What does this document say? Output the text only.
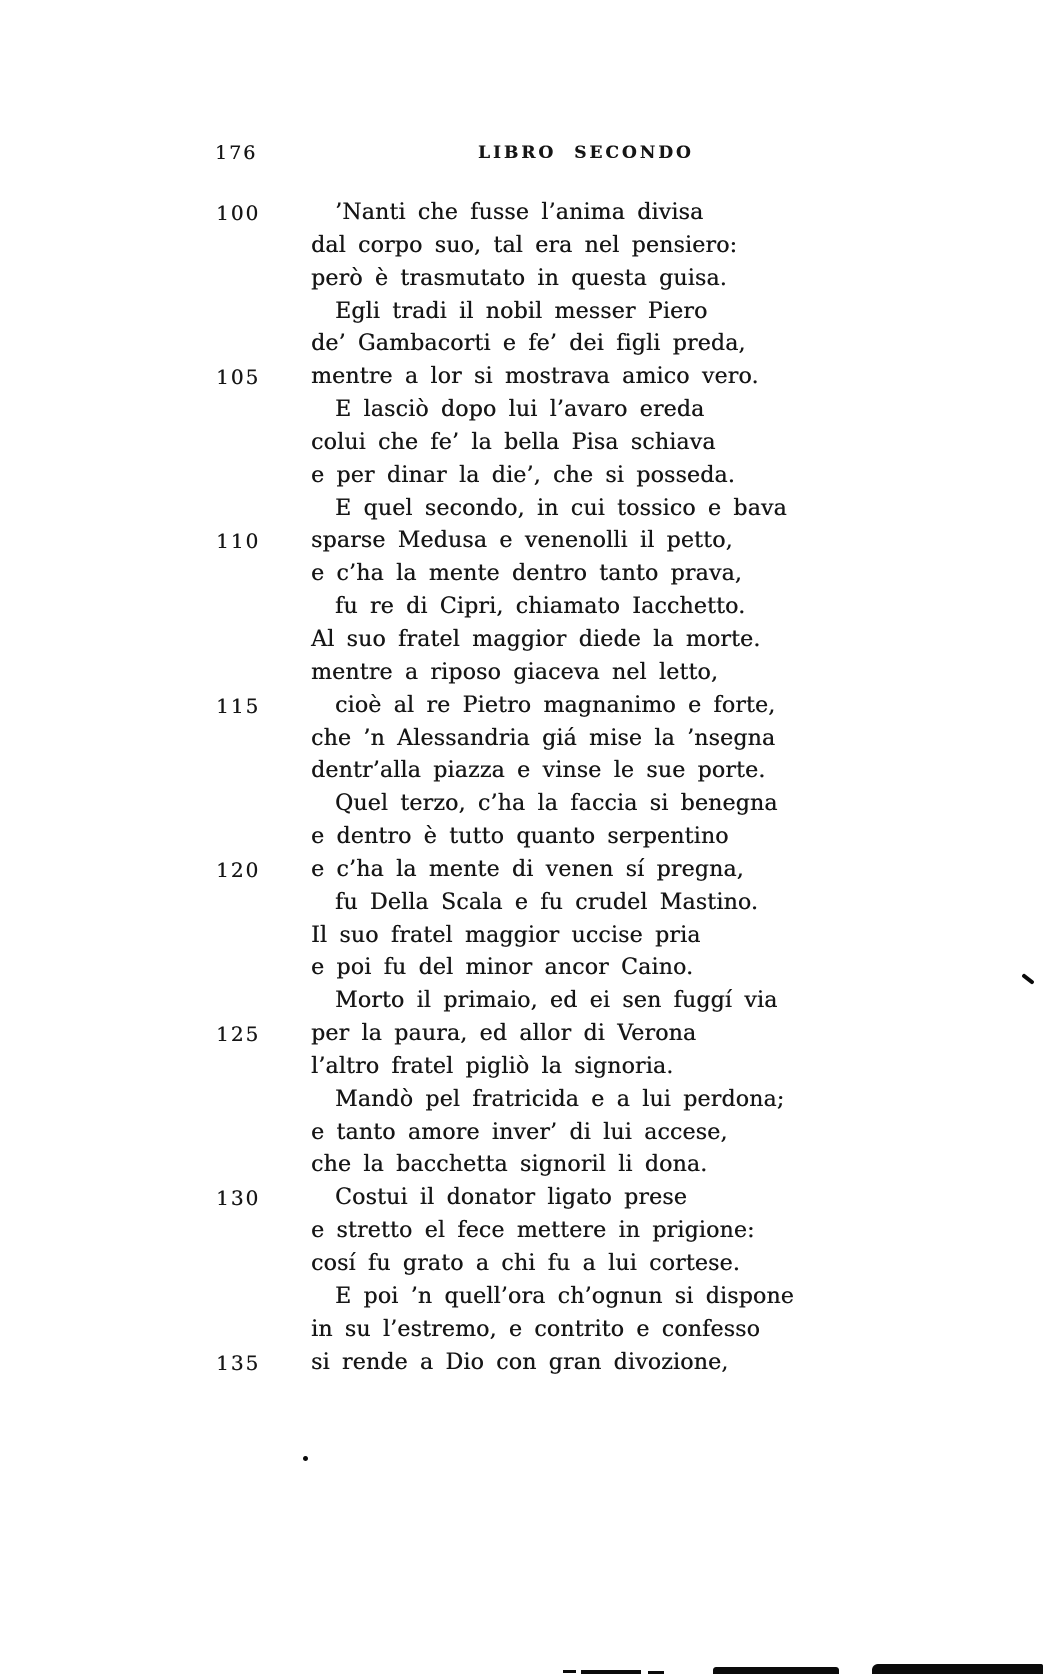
176	LIBRO SECONDO
100	’Nanti che fusse l’anima divisa
dal corpo suo, tal era nel pensiero:
però è trasmutato in questa guisa.
Egli tradi il nobil messer Piero
de’ Gambacorti e fe’ dei figli preda,
105 mentre a lor si mostrava amico vero.
E lasciò dopo lui l’avaro ereda
colui che fe’ la bella Pisa schiava
e per dinar la die’, che si posseda.
E quel secondo, in cui tossico e bava
110 sparse Medusa e venenolli il petto,
e c’ha la mente dentro tanto prava,
fu re di Cipri, chiamato Iacchetto.
Al suo fratel maggior diede la morte.
mentre a riposo giaceva nel letto,
115	cioè al re Pietro magnanimo e forte,
che ’n Alessandria giá mise la ’nsegna
dentr’alla piazza e vinse le sue porte.
Quel terzo, c’ha la faccia si benegna
e dentro è tutto quanto serpentino
120 e c’ha la mente di venen sí pregna,
fu Della Scala e fu crudel Mastino.
Il suo fratel maggior uccise pria
e poi fu del minor ancor Caino.
Morto il primaio, ed ei sen fuggí via
125 per la paura, ed allor di Verona
l’altro fratel pigliò la signoria.
Mandò pel fratricida e a lui perdona;
e tanto amore inver’ di lui accese,
che la bacchetta signoril li dona.
130	Costui il donator ligato prese
e stretto el fece mettere in prigione:
cosí fu grato a chi fu a lui cortese.
E poi ’n quell’ora ch’ognun si dispone
in su l’estremo, e contrito e confesso
135 si rende a Dio con gran divozione,
